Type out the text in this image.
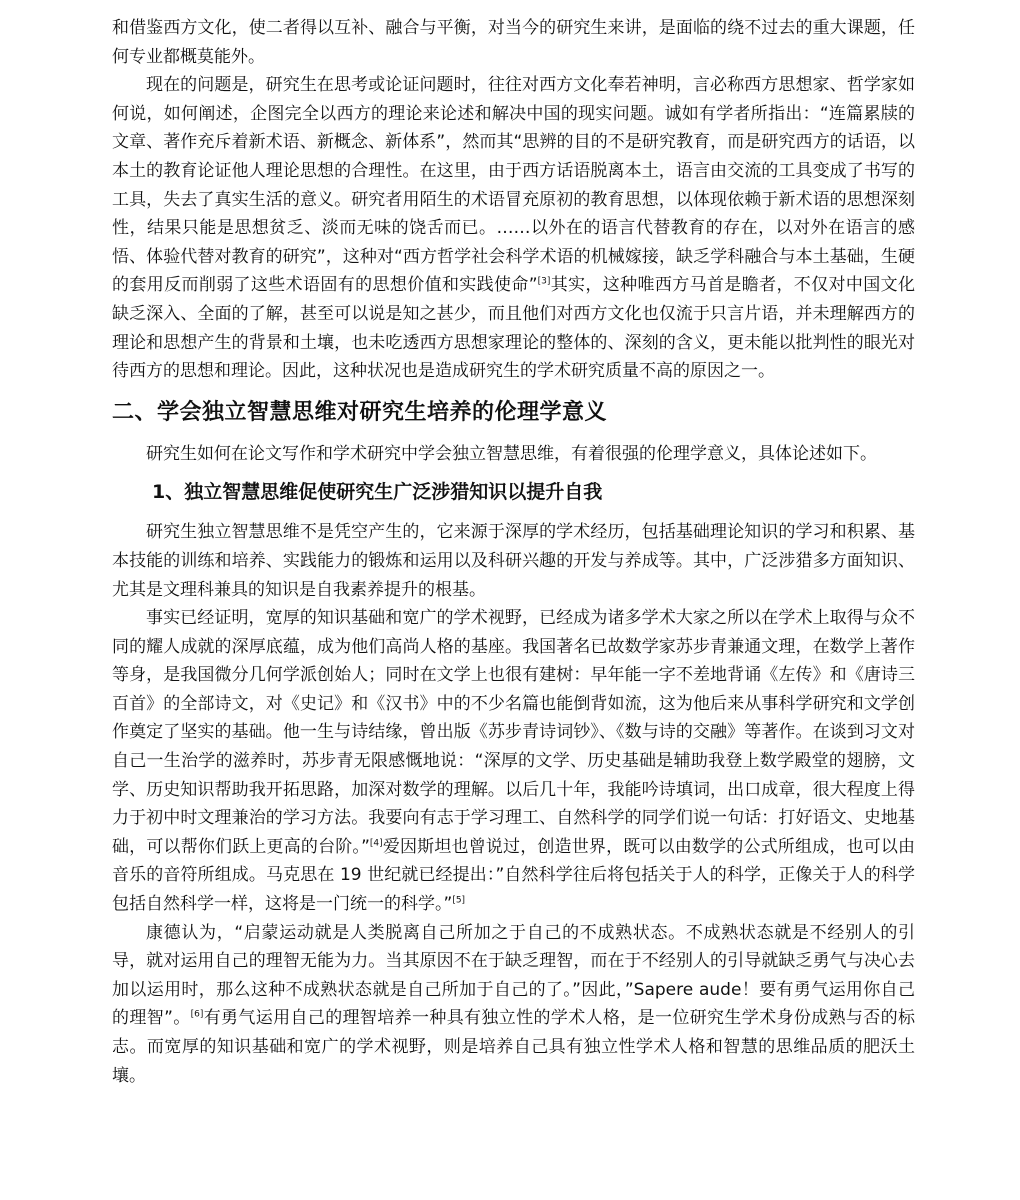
和借鉴西方文化，使二者得以互补、融合与平衡，对当今的研究生来讲，是面临的绕不过去的重大课题，任何专业都概莫能外。

现在的问题是，研究生在思考或论证问题时，往往对西方文化奉若神明，言必称西方思想家、哲学家如何说，如何阐述，企图完全以西方的理论来论述和解决中国的现实问题。诚如有学者所指出：“连篇累牍的文章、著作充斥着新术语、新概念、新体系”，然而其“思辨的目的不是研究教育，而是研究西方的话语，以本土的教育论证他人理论思想的合理性。在这里，由于西方话语脱离本土，语言由交流的工具变成了书写的工具，失去了真实生活的意义。研究者用陌生的术语冒充原初的教育思想，以体现依赖于新术语的思想深刻性，结果只能是思想贫乏、淡而无味的饶舌而已。……以外在的语言代替教育的存在，以对外在语言的感悟、体验代替对教育的研究”，这种对“西方哲学社会科学术语的机械嫁接，缺乏学科融合与本土基础，生硬的套用反而削弱了这些术语固有的思想价值和实践使命”[3]其实，这种唯西方马首是瞻者，不仅对中国文化缺乏深入、全面的了解，甚至可以说是知之甚少，而且他们对西方文化也仅流于只言片语，并未理解西方的理论和思想产生的背景和土壤，也未吃透西方思想家理论的整体的、深刻的含义，更未能以批判性的眼光对待西方的思想和理论。因此，这种状况也是造成研究生的学术研究质量不高的原因之一。

二、学会独立智慧思维对研究生培养的伦理学意义

研究生如何在论文写作和学术研究中学会独立智慧思维，有着很强的伦理学意义，具体论述如下。

1、独立智慧思维促使研究生广泛涉猎知识以提升自我

研究生独立智慧思维不是凭空产生的，它来源于深厚的学术经历，包括基础理论知识的学习和积累、基本技能的训练和培养、实践能力的锻炼和运用以及科研兴趣的开发与养成等。其中，广泛涉猎多方面知识、尤其是文理科兼具的知识是自我素养提升的根基。

事实已经证明，宽厚的知识基础和宽广的学术视野，已经成为诸多学术大家之所以在学术上取得与众不同的耀人成就的深厚底蕴，成为他们高尚人格的基座。我国著名已故数学家苏步青兼通文理，在数学上著作等身，是我国微分几何学派创始人；同时在文学上也很有建树：早年能一字不差地背诵《左传》和《唐诗三百首》的全部诗文，对《史记》和《汉书》中的不少名篇也能倒背如流，这为他后来从事科学研究和文学创作奠定了坚实的基础。他一生与诗结缘，曾出版《苏步青诗词钞》、《数与诗的交融》等著作。在谈到习文对自己一生治学的滋养时，苏步青无限感慨地说：“深厚的文学、历史基础是辅助我登上数学殿堂的翅膀，文学、历史知识帮助我开拓思路，加深对数学的理解。以后几十年，我能吟诗填词，出口成章，很大程度上得力于初中时文理兼治的学习方法。我要向有志于学习理工、自然科学的同学们说一句话：打好语文、史地基础，可以帮你们跃上更高的台阶。”[4]爱因斯坦也曾说过，创造世界，既可以由数学的公式所组成，也可以由音乐的音符所组成。马克思在 19 世纪就已经提出：”自然科学往后将包括关于人的科学，正像关于人的科学包括自然科学一样，这将是一门统一的科学。”[5]

康德认为，“启蒙运动就是人类脱离自己所加之于自己的不成熟状态。不成熟状态就是不经别人的引导，就对运用自己的理智无能为力。当其原因不在于缺乏理智，而在于不经别人的引导就缺乏勇气与决心去加以运用时，那么这种不成熟状态就是自己所加于自己的了。”因此，”Sapere aude！要有勇气运用你自己的理智”。[6]有勇气运用自己的理智培养一种具有独立性的学术人格，是一位研究生学术身份成熟与否的标志。而宽厚的知识基础和宽广的学术视野，则是培养自己具有独立性学术人格和智慧的思维品质的肥沃土壤。
